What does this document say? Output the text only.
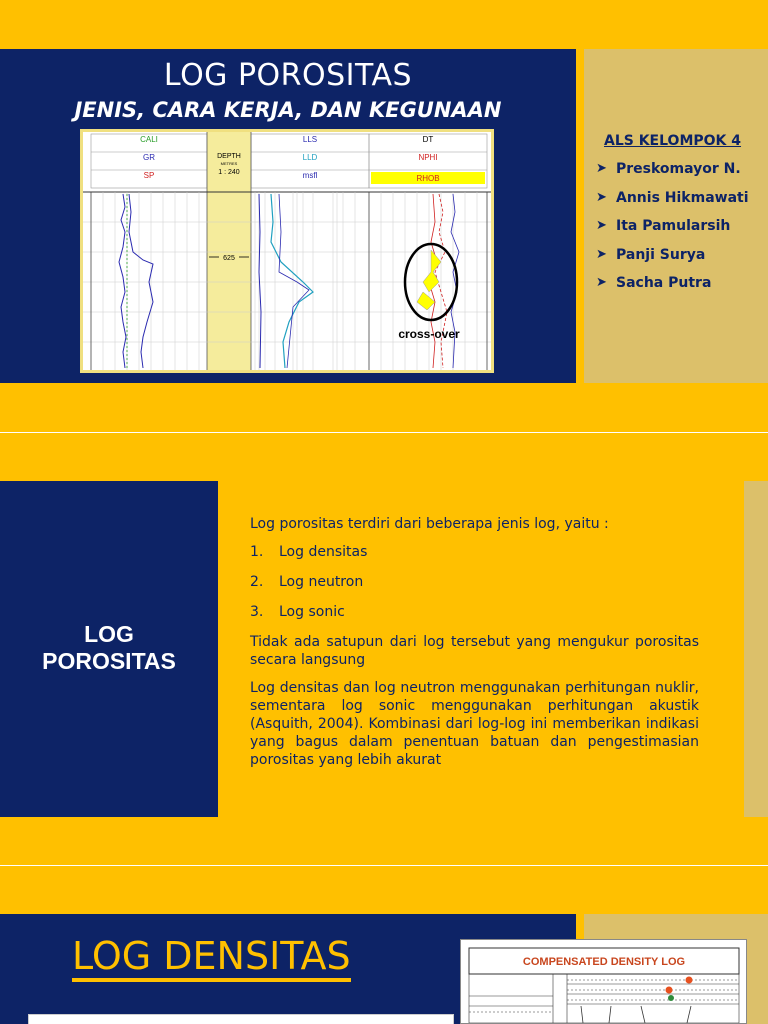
LOG POROSITAS
JENIS, CARA KERJA, DAN KEGUNAAN
CALI
GR
SP
DEPTH
METRES
1 : 240
LLS
LLD
msfl
DT
NPHI
RHOB
625
cross-over
ALS KELOMPOK 4
➤ Preskomayor N.
➤ Annis Hikmawati
➤ Ita Pamularsih
➤ Panji Surya
➤ Sacha Putra
LOG
POROSITAS

Log porositas terdiri dari beberapa jenis log, yaitu :

1.	Log densitas
2.	Log neutron
3.	Log sonic

Tidak ada satupun dari log tersebut yang mengukur porositas secara langsung

Log densitas dan log neutron menggunakan perhitungan nuklir, sementara log sonic menggunakan perhitungan akustik (Asquith, 2004). Kombinasi dari log-log ini memberikan indikasi yang bagus dalam penentuan batuan dan pengestimasian porositas yang lebih akurat

LOG DENSITAS	COMPENSATED DENSITY LOG
